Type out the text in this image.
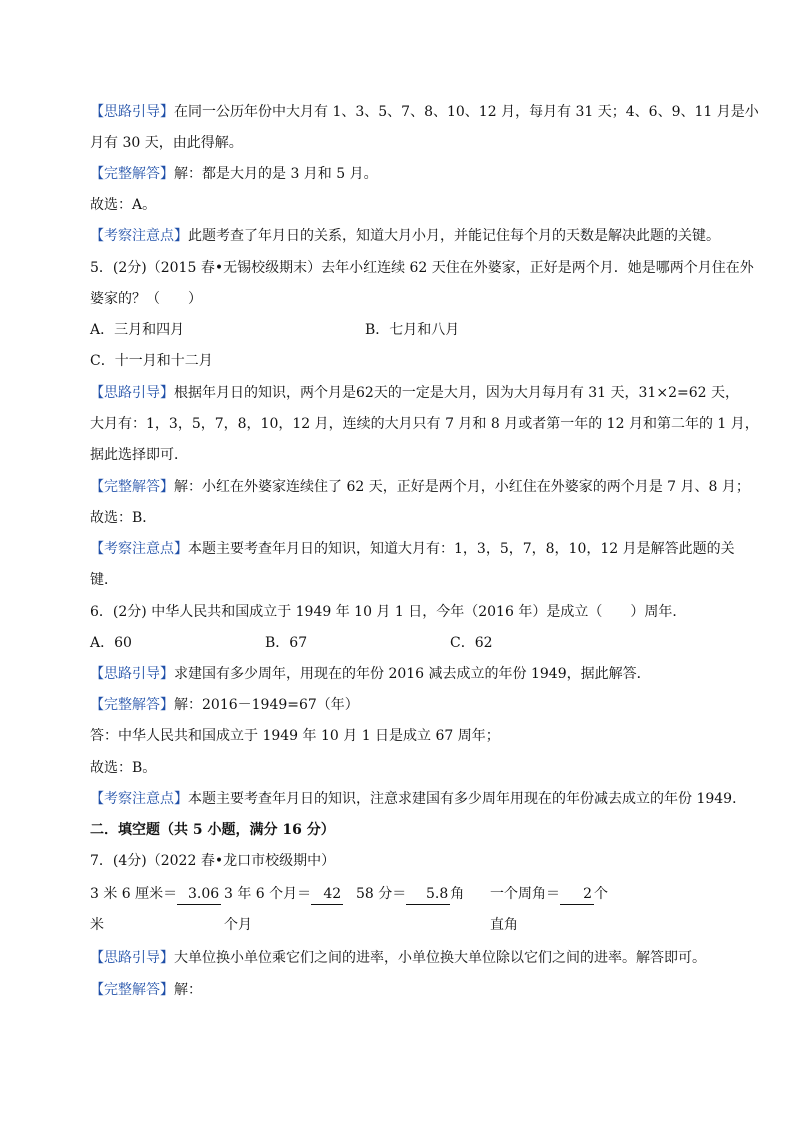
【思路引导】在同一公历年份中大月有 1、3、5、7、8、10、12 月，每月有 31 天；4、6、9、11 月是小
月有 30 天，由此得解。
【完整解答】解：都是大月的是 3 月和 5 月。
故选：A。
【考察注意点】此题考查了年月日的关系，知道大月小月，并能记住每个月的天数是解决此题的关键。
5．(2分)（2015 春•无锡校级期末）去年小红连续 62 天住在外婆家，正好是两个月．她是哪两个月住在外
婆家的？（　　）
A．三月和四月	B．七月和八月
C．十一月和十二月
【思路引导】根据年月日的知识，两个月是62天的一定是大月，因为大月每月有 31 天，31×2=62 天，
大月有：1，3，5，7，8，10，12 月，连续的大月只有 7 月和 8 月或者第一年的 12 月和第二年的 1 月，
据此选择即可．
【完整解答】解：小红在外婆家连续住了 62 天，正好是两个月，小红住在外婆家的两个月是 7 月、8 月；
故选：B．
【考察注意点】本题主要考查年月日的知识，知道大月有：1，3，5，7，8，10，12 月是解答此题的关
键．
6．(2分) 中华人民共和国成立于 1949 年 10 月 1 日，今年（2016 年）是成立（　　）周年．
A．60	B．67	C．62
【思路引导】求建国有多少周年，用现在的年份 2016 减去成立的年份 1949，据此解答．
【完整解答】解：2016－1949=67（年）
答：中华人民共和国成立于 1949 年 10 月 1 日是成立 67 周年；
故选：B。
【考察注意点】本题主要考查年月日的知识，注意求建国有多少周年用现在的年份减去成立的年份 1949．
二．填空题（共 5 小题，满分 16 分）
7．(4分)（2022 春•龙口市校级期中）
3 米 6 厘米＝ 3.06
米
3 年 6 个月＝ 42
个月
58 分＝ 5.8 角 一个周角＝ 2 个
直角
【思路引导】大单位换小单位乘它们之间的进率，小单位换大单位除以它们之间的进率。解答即可。
【完整解答】解：
